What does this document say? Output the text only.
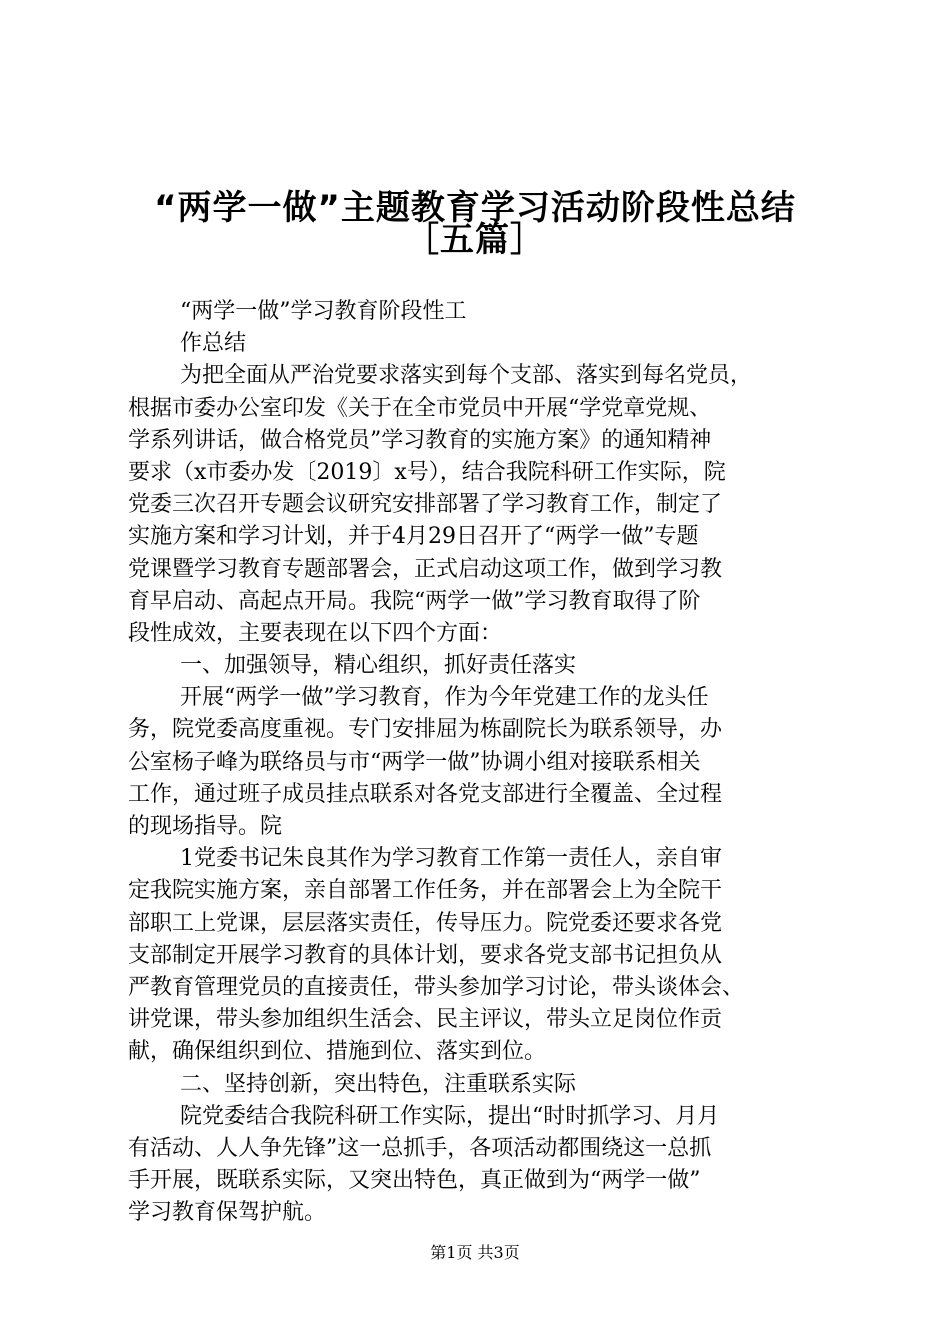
“两学一做”主题教育学习活动阶段性总结
［五篇］
“两学一做”学习教育阶段性工
作总结
为把全面从严治党要求落实到每个支部、落实到每名党员，
根据市委办公室印发《关于在全市党员中开展“学党章党规、
学系列讲话，做合格党员”学习教育的实施方案》的通知精神
要求（x市委办发〔2019〕x号），结合我院科研工作实际，院
党委三次召开专题会议研究安排部署了学习教育工作，制定了
实施方案和学习计划，并于4月29日召开了“两学一做”专题
党课暨学习教育专题部署会，正式启动这项工作，做到学习教
育早启动、高起点开局。我院“两学一做”学习教育取得了阶
段性成效，主要表现在以下四个方面：
一、加强领导，精心组织，抓好责任落实
开展“两学一做”学习教育，作为今年党建工作的龙头任
务，院党委高度重视。专门安排屈为栋副院长为联系领导，办
公室杨子峰为联络员与市“两学一做”协调小组对接联系相关
工作，通过班子成员挂点联系对各党支部进行全覆盖、全过程
的现场指导。院
1党委书记朱良其作为学习教育工作第一责任人，亲自审
定我院实施方案，亲自部署工作任务，并在部署会上为全院干
部职工上党课，层层落实责任，传导压力。院党委还要求各党
支部制定开展学习教育的具体计划，要求各党支部书记担负从
严教育管理党员的直接责任，带头参加学习讨论，带头谈体会、
讲党课，带头参加组织生活会、民主评议，带头立足岗位作贡
献，确保组织到位、措施到位、落实到位。
二、坚持创新，突出特色，注重联系实际
院党委结合我院科研工作实际，提出“时时抓学习、月月
有活动、人人争先锋”这一总抓手，各项活动都围绕这一总抓
手开展，既联系实际，又突出特色，真正做到为“两学一做”
学习教育保驾护航。
第1页 共3页
